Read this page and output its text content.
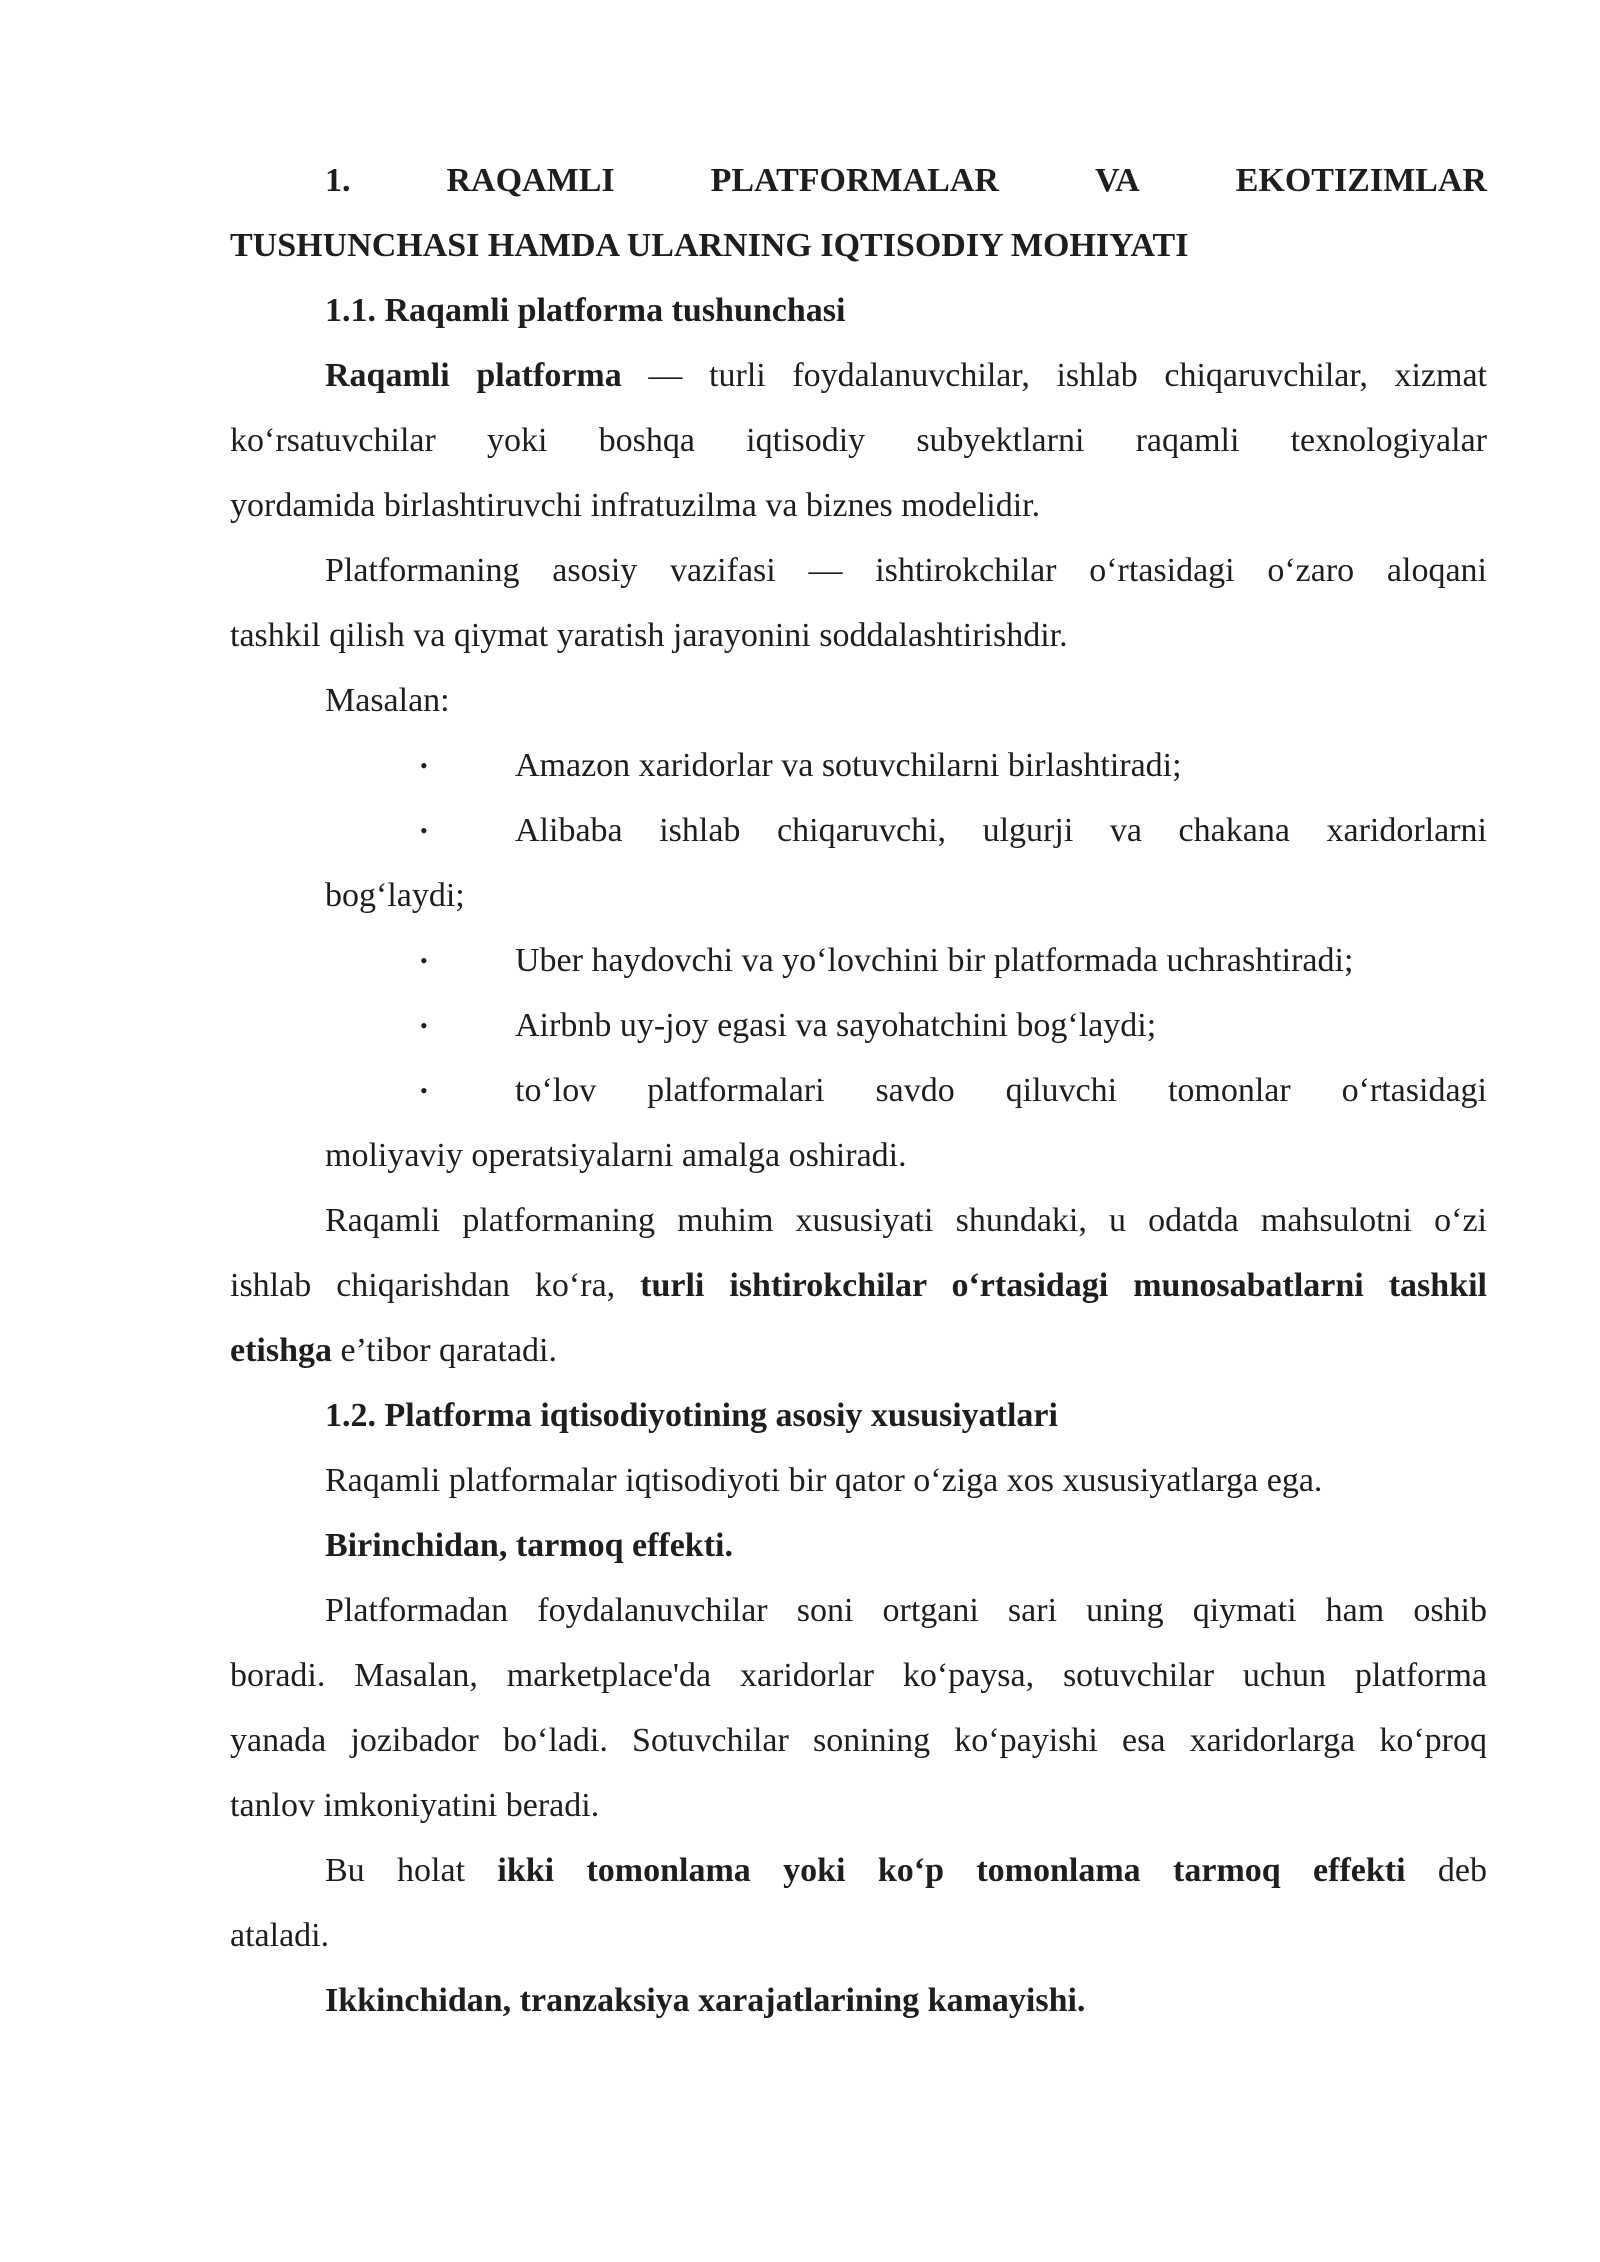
1.	RAQAMLI	PLATFORMALAR	VA	EKOTIZIMLAR
TUSHUNCHASI HAMDA ULARNING IQTISODIY MOHIYATI
1.1. Raqamli platforma tushunchasi
Raqamli platforma — turli foydalanuvchilar, ishlab chiqaruvchilar, xizmat
koʻrsatuvchilar yoki boshqa iqtisodiy subyektlarni raqamli texnologiyalar
yordamida birlashtiruvchi infratuzilma va biznes modelidir.
Platformaning asosiy vazifasi — ishtirokchilar oʻrtasidagi oʻzaro aloqani
tashkil qilish va qiymat yaratish jarayonini soddalashtirishdir.
Masalan:
•	Amazon xaridorlar va sotuvchilarni birlashtiradi;
•	Alibaba ishlab chiqaruvchi, ulgurji va chakana xaridorlarni
bogʻlaydi;
•	Uber haydovchi va yoʻlovchini bir platformada uchrashtiradi;
•	Airbnb uy-joy egasi va sayohatchini bogʻlaydi;
•	toʻlov platformalari savdo qiluvchi tomonlar oʻrtasidagi
moliyaviy operatsiyalarni amalga oshiradi.
Raqamli platformaning muhim xususiyati shundaki, u odatda mahsulotni oʻzi
ishlab chiqarishdan koʻra, turli ishtirokchilar oʻrtasidagi munosabatlarni tashkil
etishga e’tibor qaratadi.
1.2. Platforma iqtisodiyotining asosiy xususiyatlari
Raqamli platformalar iqtisodiyoti bir qator oʻziga xos xususiyatlarga ega.
Birinchidan, tarmoq effekti.
Platformadan foydalanuvchilar soni ortgani sari uning qiymati ham oshib
boradi. Masalan, marketplace'da xaridorlar koʻpaysa, sotuvchilar uchun platforma
yanada jozibador boʻladi. Sotuvchilar sonining koʻpayishi esa xaridorlarga koʻproq
tanlov imkoniyatini beradi.
Bu holat ikki tomonlama yoki koʻp tomonlama tarmoq effekti deb
ataladi.
Ikkinchidan, tranzaksiya xarajatlarining kamayishi.
